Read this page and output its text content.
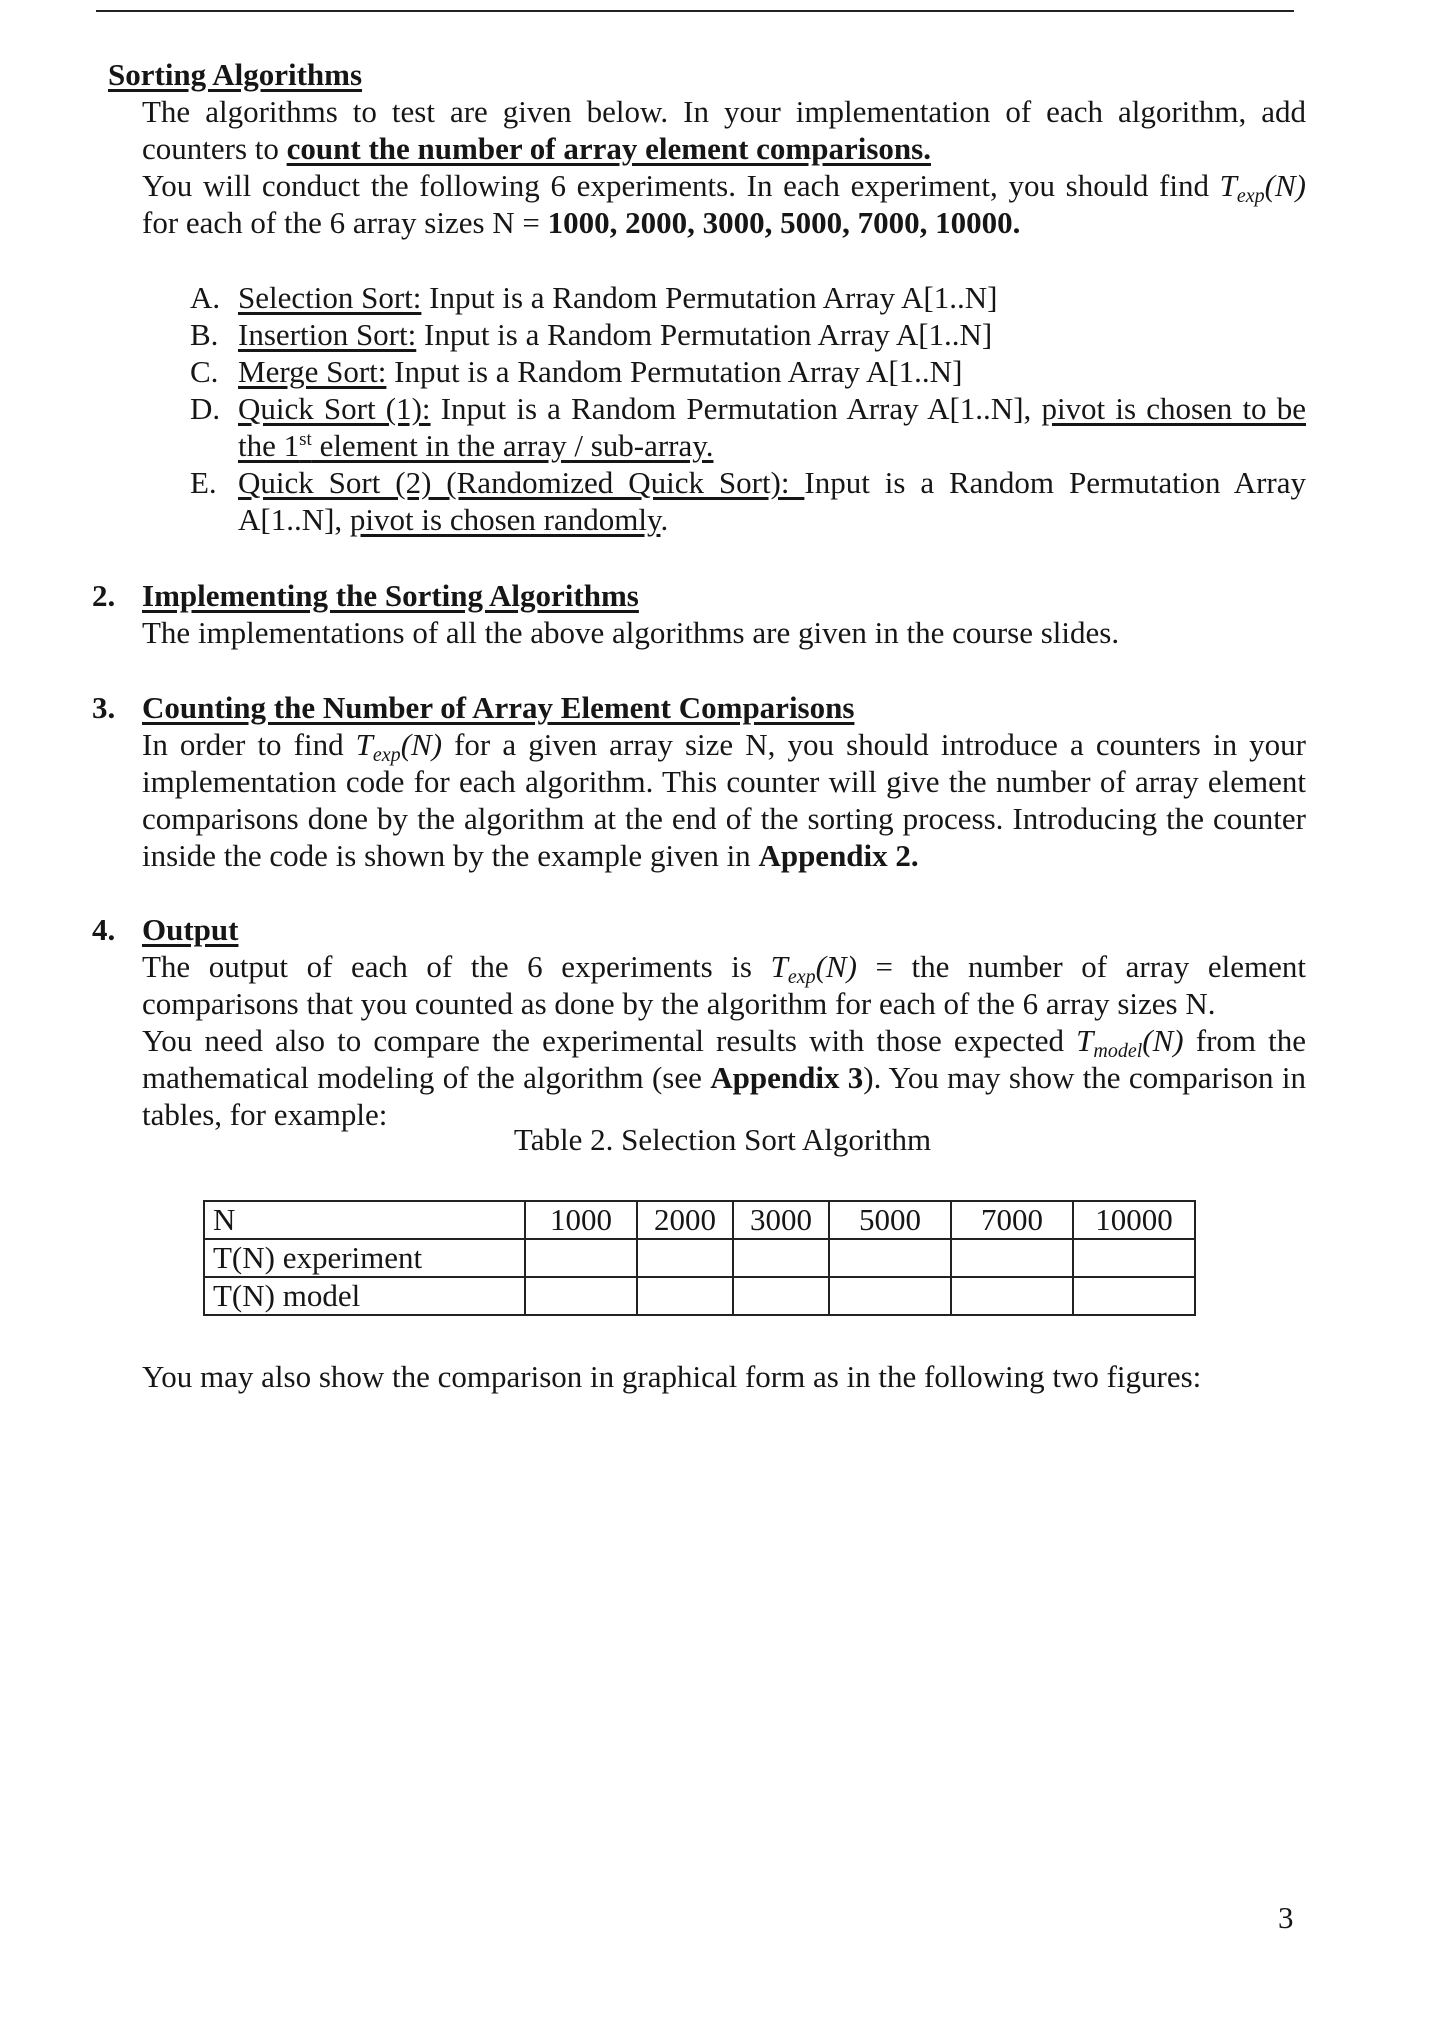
Sorting Algorithms
The algorithms to test are given below. In your implementation of each algorithm, add counters to count the number of array element comparisons.
You will conduct the following 6 experiments. In each experiment, you should find $T_{exp}(N)$ for each of the 6 array sizes N = 1000, 2000, 3000, 5000, 7000, 10000.
A. Selection Sort: Input is a Random Permutation Array A[1..N]
B. Insertion Sort: Input is a Random Permutation Array A[1..N]
C. Merge Sort: Input is a Random Permutation Array A[1..N]
D. Quick Sort (1): Input is a Random Permutation Array A[1..N], pivot is chosen to be the 1st element in the array / sub-array.
E. Quick Sort (2) (Randomized Quick Sort): Input is a Random Permutation Array A[1..N], pivot is chosen randomly.
2. Implementing the Sorting Algorithms
The implementations of all the above algorithms are given in the course slides.
3. Counting the Number of Array Element Comparisons
In order to find $T_{exp}(N)$ for a given array size N, you should introduce a counters in your implementation code for each algorithm. This counter will give the number of array element comparisons done by the algorithm at the end of the sorting process. Introducing the counter inside the code is shown by the example given in Appendix 2.
4. Output
The output of each of the 6 experiments is $T_{exp}(N)$ = the number of array element comparisons that you counted as done by the algorithm for each of the 6 array sizes N.
You need also to compare the experimental results with those expected $T_{model}(N)$ from the mathematical modeling of the algorithm (see Appendix 3). You may show the comparison in tables, for example:
Table 2. Selection Sort Algorithm
N	1000	2000	3000	5000	7000	10000
T(N) experiment						
T(N) model						
You may also show the comparison in graphical form as in the following two figures:
3
